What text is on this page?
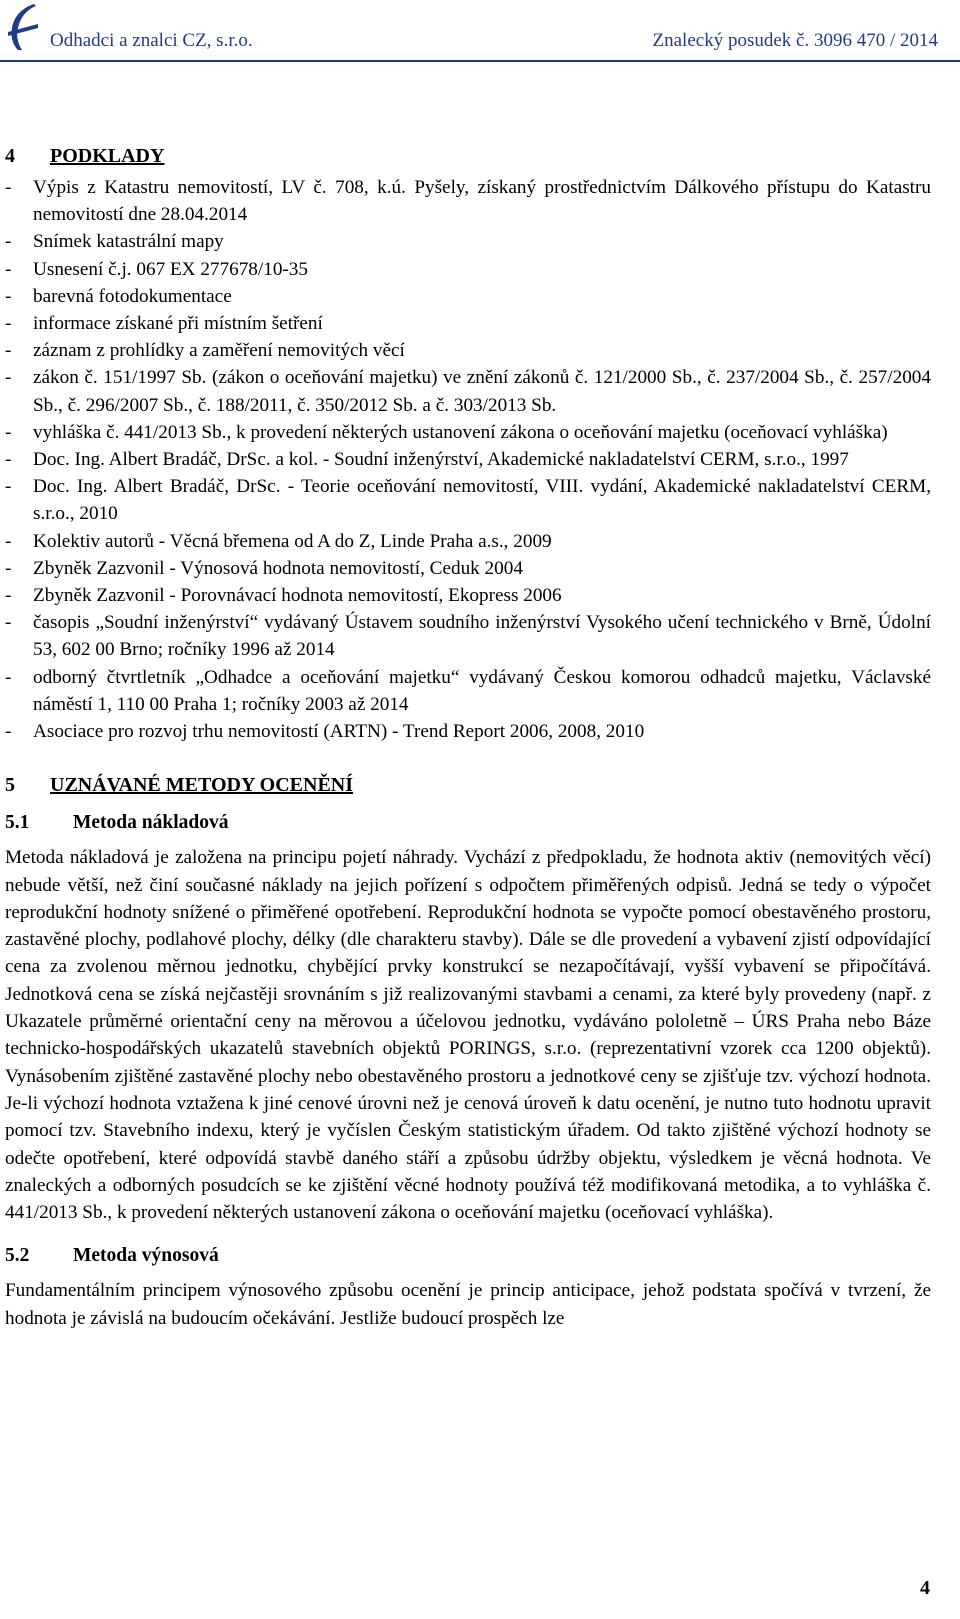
Odhadci a znalci CZ, s.r.o.	Znalecký posudek č. 3096 470 / 2014
4 PODKLADY
- Výpis z Katastru nemovitostí, LV č. 708, k.ú. Pyšely, získaný prostřednictvím Dálkového přístupu do Katastru nemovitostí dne 28.04.2014
- Snímek katastrální mapy
- Usnesení č.j. 067 EX 277678/10-35
- barevná fotodokumentace
- informace získané při místním šetření
- záznam z prohlídky a zaměření nemovitých věcí
- zákon č. 151/1997 Sb. (zákon o oceňování majetku) ve znění zákonů č. 121/2000 Sb., č. 237/2004 Sb., č. 257/2004 Sb., č. 296/2007 Sb., č. 188/2011, č. 350/2012 Sb. a č. 303/2013 Sb.
- vyhláška č. 441/2013 Sb., k provedení některých ustanovení zákona o oceňování majetku (oceňovací vyhláška)
- Doc. Ing. Albert Bradáč, DrSc. a kol. - Soudní inženýrství, Akademické nakladatelství CERM, s.r.o., 1997
- Doc. Ing. Albert Bradáč, DrSc. - Teorie oceňování nemovitostí, VIII. vydání, Akademické nakladatelství CERM, s.r.o., 2010
- Kolektiv autorů - Věcná břemena od A do Z, Linde Praha a.s., 2009
- Zbyněk Zazvonil - Výnosová hodnota nemovitostí, Ceduk 2004
- Zbyněk Zazvonil - Porovnávací hodnota nemovitostí, Ekopress 2006
- časopis „Soudní inženýrství“ vydávaný Ústavem soudního inženýrství Vysokého učení technického v Brně, Údolní 53, 602 00 Brno; ročníky 1996 až 2014
- odborný čtvrtletník „Odhadce a oceňování majetku“ vydávaný Českou komorou odhadců majetku, Václavské náměstí 1, 110 00 Praha 1; ročníky 2003 až 2014
- Asociace pro rozvoj trhu nemovitostí (ARTN) - Trend Report 2006, 2008, 2010
5 UZNÁVANÉ METODY OCENĚNÍ
5.1 Metoda nákladová

Metoda nákladová je založena na principu pojetí náhrady. Vychází z předpokladu, že hodnota aktiv (nemovitých věcí) nebude větší, než činí současné náklady na jejich pořízení s odpočtem přiměřených odpisů. Jedná se tedy o výpočet reprodukční hodnoty snížené o přiměřené opotřebení. Reprodukční hodnota se vypočte pomocí obestavěného prostoru, zastavěné plochy, podlahové plochy, délky (dle charakteru stavby). Dále se dle provedení a vybavení zjistí odpovídající cena za zvolenou měrnou jednotku, chybějící prvky konstrukcí se nezapočítávají, vyšší vybavení se připočítává. Jednotková cena se získá nejčastěji srovnáním s již realizovanými stavbami a cenami, za které byly provedeny (např. z Ukazatele průměrné orientační ceny na měrovou a účelovou jednotku, vydáváno pololetně – ÚRS Praha nebo Báze technicko-hospodářských ukazatelů stavebních objektů PORINGS, s.r.o. (reprezentativní vzorek cca 1200 objektů). Vynásobením zjištěné zastavěné plochy nebo obestavěného prostoru a jednotkové ceny se zjišťuje tzv. výchozí hodnota. Je-li výchozí hodnota vztažena k jiné cenové úrovni než je cenová úroveň k datu ocenění, je nutno tuto hodnotu upravit pomocí tzv. Stavebního indexu, který je vyčíslen Českým statistickým úřadem. Od takto zjištěné výchozí hodnoty se odečte opotřebení, které odpovídá stavbě daného stáří a způsobu údržby objektu, výsledkem je věcná hodnota. Ve znaleckých a odborných posudcích se ke zjištění věcné hodnoty používá též modifikovaná metodika, a to vyhláška č. 441/2013 Sb., k provedení některých ustanovení zákona o oceňování majetku (oceňovací vyhláška).

5.2 Metoda výnosová

Fundamentálním principem výnosového způsobu ocenění je princip anticipace, jehož podstata spočívá v tvrzení, že hodnota je závislá na budoucím očekávání. Jestliže budoucí prospěch lze

4
